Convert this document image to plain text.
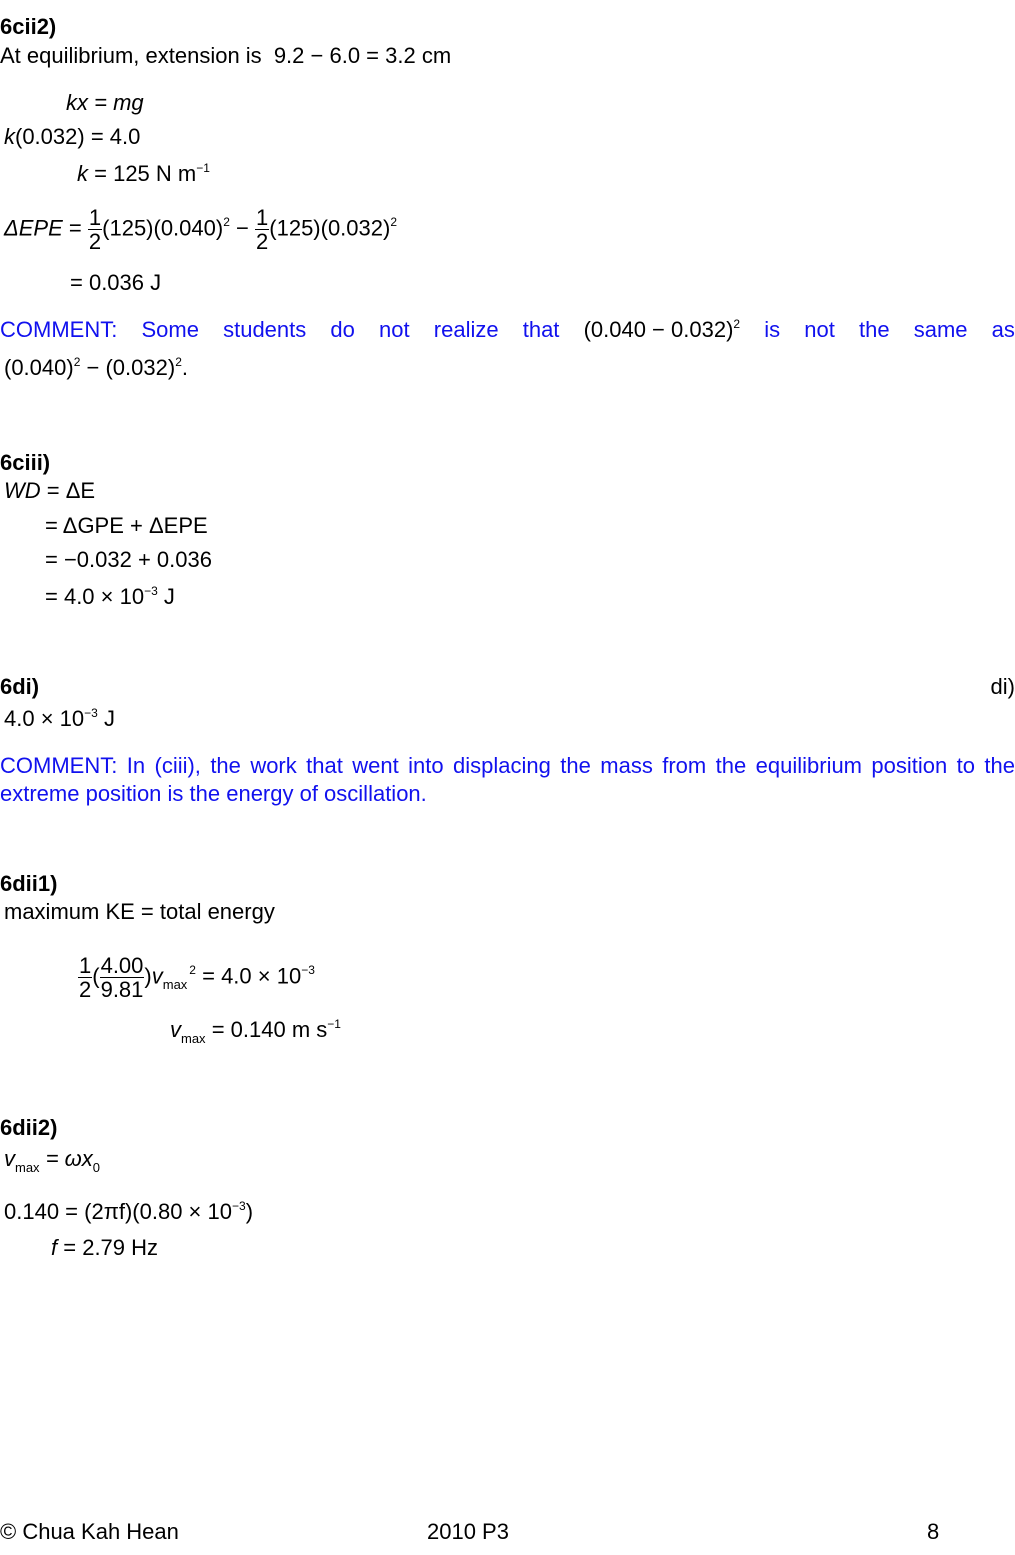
6cii2)
At equilibrium, extension is 9.2 − 6.0 = 3.2 cm
kx = mg
k(0.032) = 4.0
k = 125 N $m^{-1}$
$\Delta EPE = \frac{1}{2} (125)(0.040)^2 - \frac{1}{2} (125)(0.032)^2$
= 0.036 J
COMMENT: Some students do not realize that $(0.040 - 0.032)^2$ is not the same as
$(0.040)^2 - (0.032)^2$.
6ciii)
WD = ΔE
= ΔGPE + ΔEPE
= −0.032 + 0.036
= $4.0 \times 10^{-3}$ J
6di)	di)
$4.0 \times 10^{-3}$ J
COMMENT: In (ciii), the work that went into displacing the mass from the equilibrium position to the
extreme position is the energy of oscillation.
6dii1)
maximum KE = total energy
$\frac{1}{2}$ ( $\frac{4.00}{9.81} )v_{max}^2 = 4.0 \times 10^{-3}$
$v_{max} = 0.140$ m $s^{-1}$
6dii2)
$v_{max} = \omega x_0$
$0.140 = (2\pi f)(0.80 \times 10^{-3})$
f = 2.79 Hz
© Chua Kah Hean	2010 P3	8
